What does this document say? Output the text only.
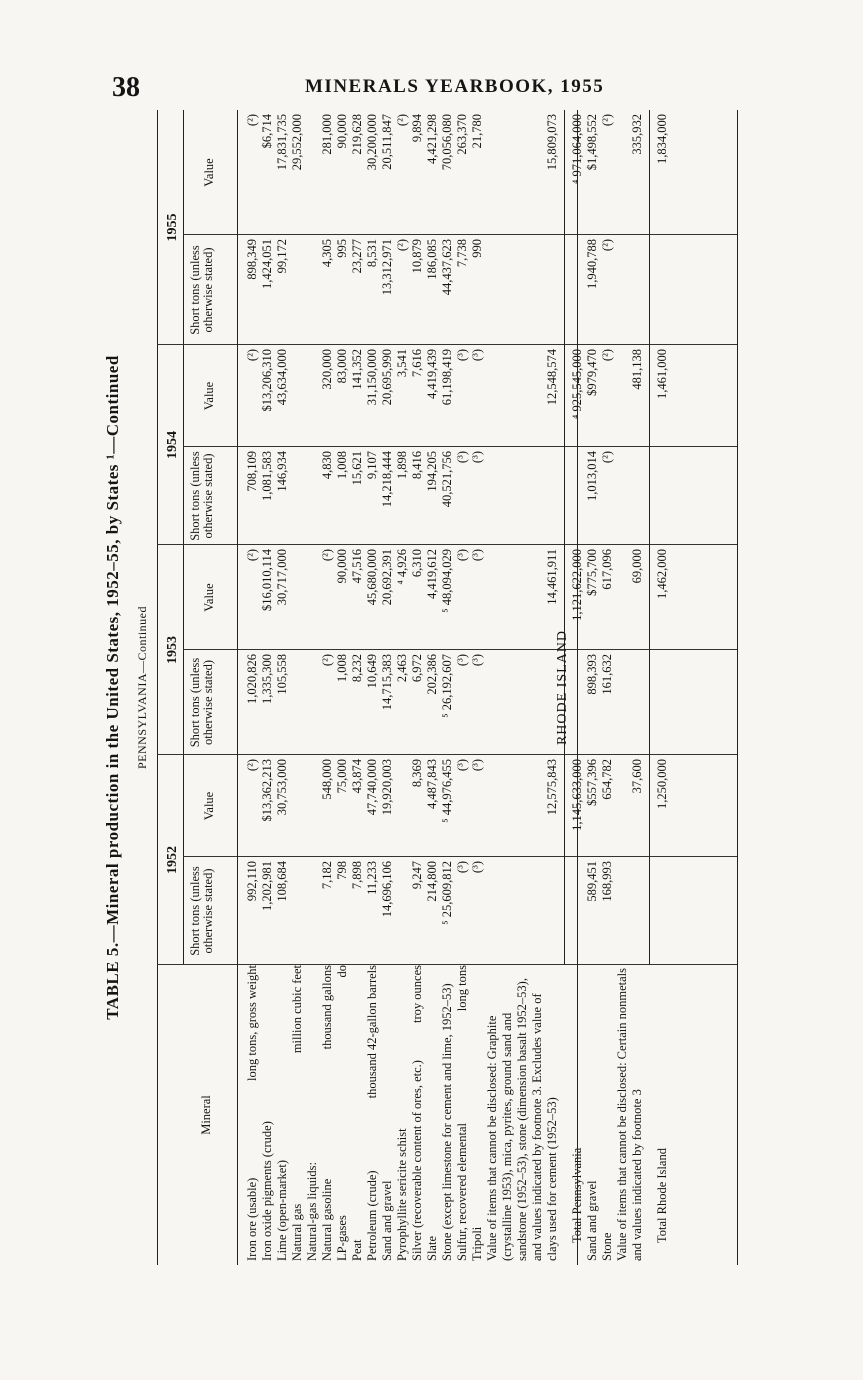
38	MINERALS YEARBOOK, 1955
TABLE 5.—Mineral production in the United States, 1952–55, by States ¹—Continued PENNSYLVANIA—Continued
Mineral
1952
1953
1954
1955
Short tons (unless otherwise stated)
Value
Short tons (unless otherwise stated)
Value
Short tons (unless otherwise stated)
Value
Short tons (unless otherwise stated)
Value
Iron ore (usable)
long tons, gross weight
992,110
(²)
1,020,826
(²)
708,109
(²)
898,349
(²)
Iron oxide pigments (crude)
1,202,981
$13,362,213
1,335,300
$16,010,114
1,081,583
$13,206,310
1,424,051
$6,714
Lime (open-market)
108,684
30,753,000
105,558
30,717,000
146,934
43,634,000
99,172
17,831,735
Natural gas
million cubic feet
29,552,000
Natural-gas liquids: Natural gasoline
thousand gallons
7,182
548,000
(²)
(²)
4,830
320,000
4,305
281,000
LP-gases
do
798
75,000
1,008
90,000
1,008
83,000
995
90,000
Peat
7,898
43,874
8,232
47,516
15,621
141,352
23,277
219,628
Petroleum (crude)
thousand 42-gallon barrels
11,233
47,740,000
10,649
45,680,000
9,107
31,150,000
8,531
30,200,000
Sand and gravel
14,696,106
19,920,003
14,715,383
20,692,391
14,218,444
20,695,990
13,312,971
20,511,847
Pyrophyllite sericite schist
2,463
⁴ 4,926
1,898
3,541
(²)
(²)
Silver (recoverable content of ores, etc.)
troy ounces
9,247
8,369
6,972
6,310
8,416
7,616
10,879
9,894
Slate
214,800
4,487,843
202,386
4,419,612
194,205
4,419,439
186,085
4,421,298
Stone (except limestone for cement and lime, 1952–53)
⁵ 25,609,812
⁵ 44,976,455
⁵ 26,192,607
⁵ 48,094,029
40,521,756
61,198,419
44,437,623
70,056,080
Sulfur, recovered elemental
long tons
(³)
(³)
(³)
(³)
(³)
(³)
7,738
263,370
Tripoli
(³)
(³)
(³)
(³)
(³)
(³)
990
21,780
Value of items that cannot be disclosed: Graphite (crystalline 1953), mica, pyrites, ground sand and sandstone (1952–53), stone (dimension basalt 1952–53), and values indicated by footnote 3. Excludes value of clays used for cement (1952–53)
12,575,843
14,461,911
12,548,574
15,809,073
Total Pennsylvania
1,145,633,000
1,121,622,000
⁴ 925,545,000
⁴ 971,064,000
RHODE ISLAND
Sand and gravel
589,451
$557,396
898,393
$775,700
1,013,014
$979,470
1,940,788
$1,498,552
Stone
168,993
654,782
161,632
617,096
(²)
(²)
(²)
(²)
Value of items that cannot be disclosed: Certain nonmetals and values indicated by footnote 3
37,600
69,000
481,138
335,932
Total Rhode Island
1,250,000
1,462,000
1,461,000
1,834,000
